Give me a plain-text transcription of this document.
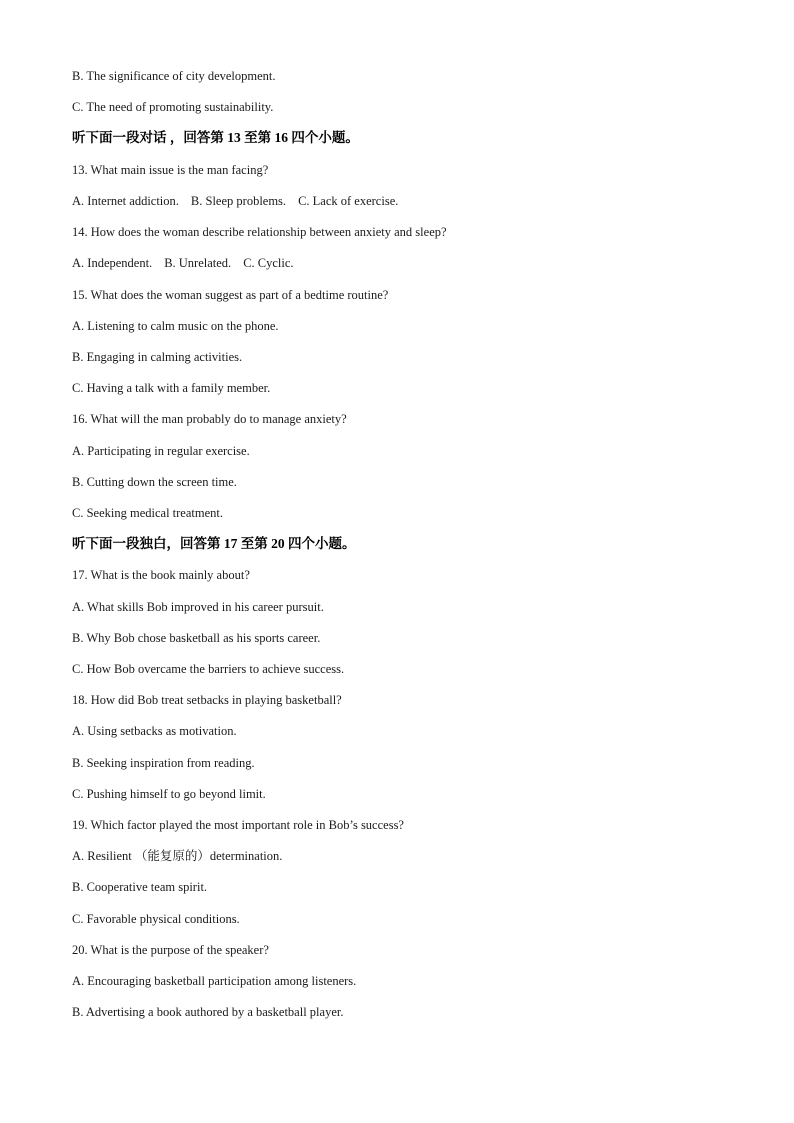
B. The significance of city development.

C. The need of promoting sustainability.

听下面一段对话 ，回答第 13 至第 16 四个小题。

13. What main issue is the man facing?

A. Internet addiction. B. Sleep problems. C. Lack of exercise.

14. How does the woman describe relationship between anxiety and sleep?

A. Independent. B. Unrelated. C. Cyclic.

15. What does the woman suggest as part of a bedtime routine?

A. Listening to calm music on the phone.

B. Engaging in calming activities.

C. Having a talk with a family member.

16. What will the man probably do to manage anxiety?

A. Participating in regular exercise.

B. Cutting down the screen time.

C. Seeking medical treatment.

听下面一段独白，回答第 17 至第 20 四个小题。

17. What is the book mainly about?

A. What skills Bob improved in his career pursuit.

B. Why Bob chose basketball as his sports career.

C. How Bob overcame the barriers to achieve success.

18. How did Bob treat setbacks in playing basketball?

A. Using setbacks as motivation.

B. Seeking inspiration from reading.

C. Pushing himself to go beyond limit.

19. Which factor played the most important role in Bob’s success?

A. Resilient （能复原的）determination.

B. Cooperative team spirit.

C. Favorable physical conditions.

20. What is the purpose of the speaker?

A. Encouraging basketball participation among listeners.

B. Advertising a book authored by a basketball player.
